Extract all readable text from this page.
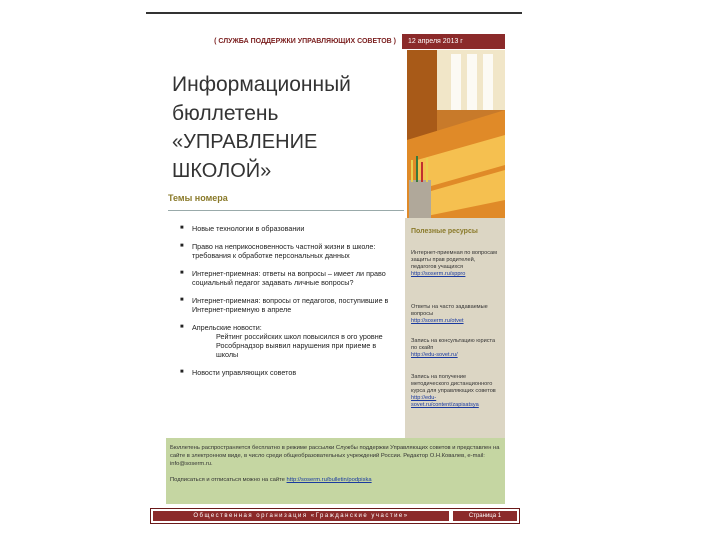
( СЛУЖБА ПОДДЕРЖКИ УПРАВЛЯЮЩИХ СОВЕТОВ )	12 апреля 2013 г
Информационный
бюллетень
«УПРАВЛЕНИЕ
ШКОЛОЙ»
Темы номера
■ Новые технологии в образовании
■ Право на неприкосновенность частной жизни в школе: требования к обработке персональных данных
■ Интернет-приемная: ответы на вопросы – имеет ли право социальный педагог задавать личные вопросы?
■ Интернет-приемная: вопросы от педагогов, поступившие в Интернет-приемную в апреле
■ Апрельские новости:
Рейтинг российских школ повысился в ого уровне
Рособрнадзор выявил нарушения при приеме в школы
■ Новости управляющих советов
Полезные ресурсы
Интернет-приемная по вопросам защиты прав родителей, педагогов учащихся
http://soserm.ru/sppro
Ответы на часто задаваемые вопросы
http://soserm.ru/otvet
Запись на консультацию юриста по скайп
http://edu-sovet.ru/
Запись на получение методического дистанционного курса для управляющих советов
http://edu-sovet.ru/content/zapisatsya
Бюллетень распространяется бесплатно в режиме рассылки Службы поддержки Управляющих советов и представлен на сайте в электронном виде, в число среди общеобразовательных учреждений России. Редактор О.Н.Ковалев, e-mail: info@soserm.ru.

Подписаться и отписаться можно на сайте http://soserm.ru/bulletin/podpiska
Общественная организация «Гражданские участие»	Страница 1
